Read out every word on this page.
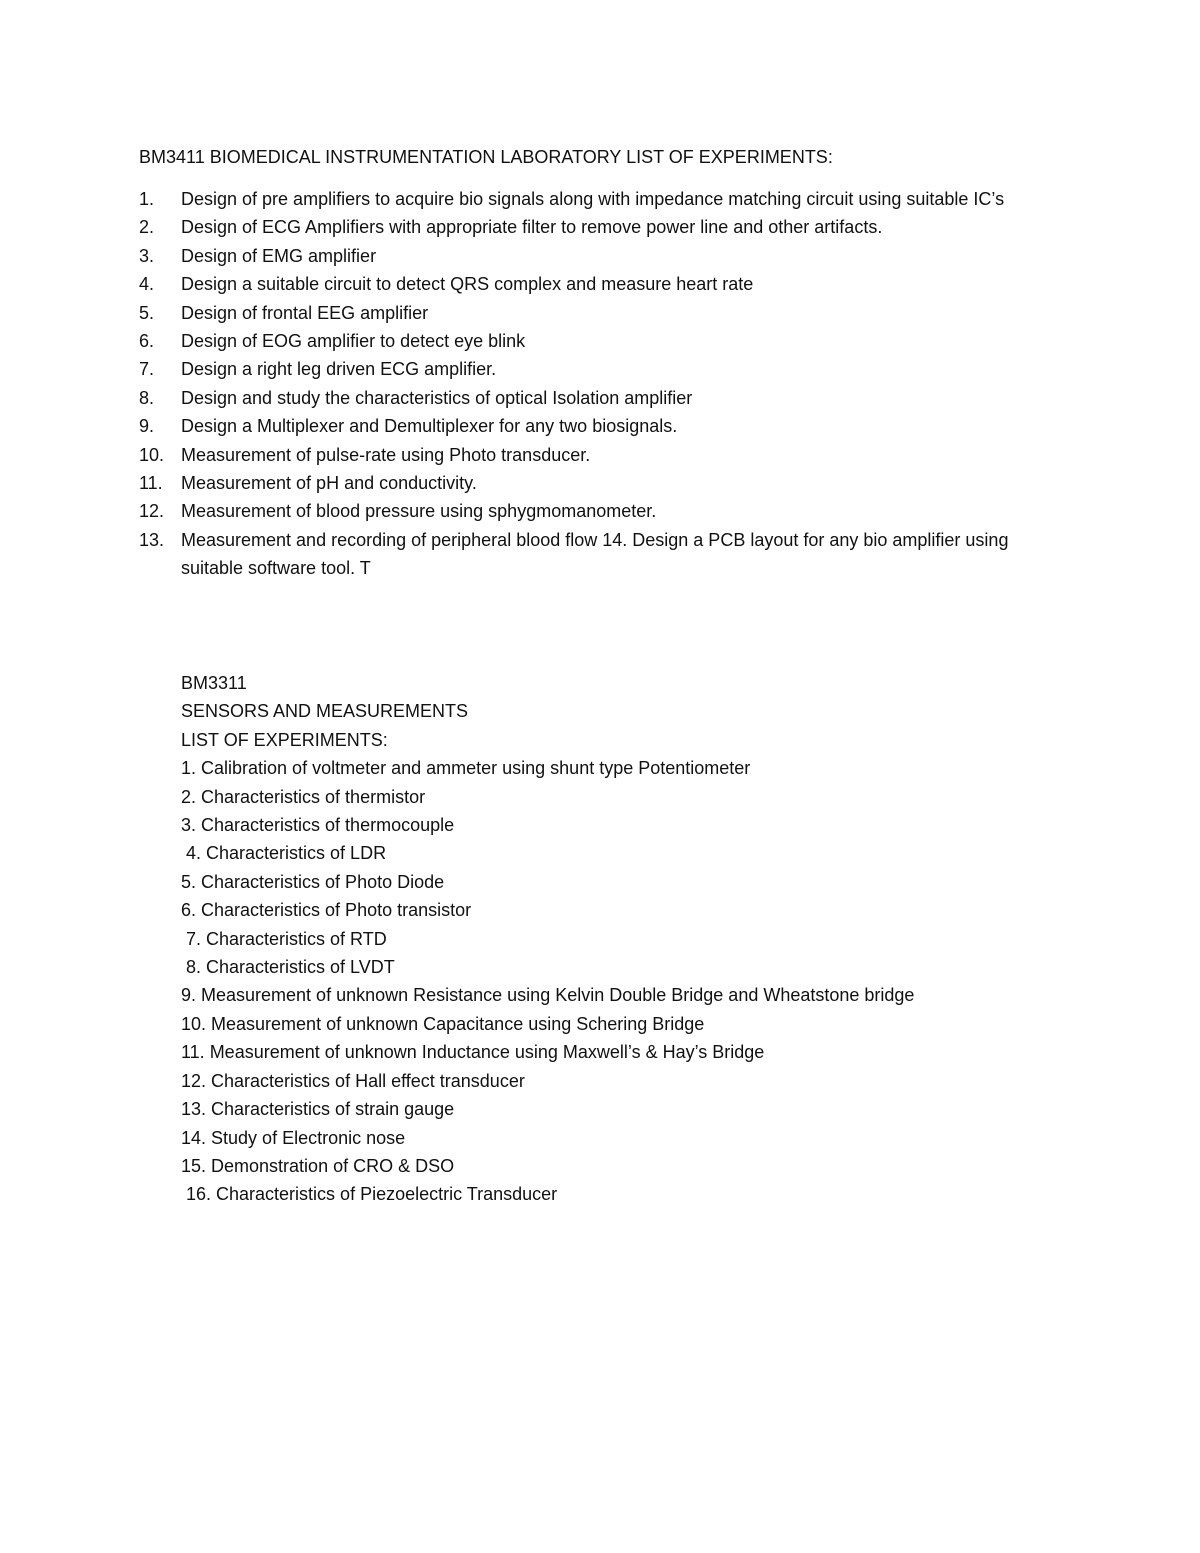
BM3411 BIOMEDICAL INSTRUMENTATION LABORATORY LIST OF EXPERIMENTS:
1.	Design of pre amplifiers to acquire bio signals along with impedance matching circuit using suitable IC’s
2.	Design of ECG Amplifiers with appropriate filter to remove power line and other artifacts.
3.	Design of EMG amplifier
4.	Design a suitable circuit to detect QRS complex and measure heart rate
5.	Design of frontal EEG amplifier
6.	Design of EOG amplifier to detect eye blink
7.	Design a right leg driven ECG amplifier.
8.	Design and study the characteristics of optical Isolation amplifier
9.	Design a Multiplexer and Demultiplexer for any two biosignals.
10. Measurement of pulse-rate using Photo transducer.
11.	Measurement of pH and conductivity.
12. Measurement of blood pressure using sphygmomanometer.
13. Measurement and recording of peripheral blood flow 14. Design a PCB layout for any bio amplifier using suitable software tool. T
BM3311
SENSORS AND MEASUREMENTS
LIST OF EXPERIMENTS:
1. Calibration of voltmeter and ammeter using shunt type Potentiometer
2. Characteristics of thermistor
3. Characteristics of thermocouple
4. Characteristics of LDR
5. Characteristics of Photo Diode
6. Characteristics of Photo transistor
7. Characteristics of RTD
8. Characteristics of LVDT
9. Measurement of unknown Resistance using Kelvin Double Bridge and Wheatstone bridge
10. Measurement of unknown Capacitance using Schering Bridge
11. Measurement of unknown Inductance using Maxwell’s & Hay’s Bridge
12. Characteristics of Hall effect transducer
13. Characteristics of strain gauge
14. Study of Electronic nose
15. Demonstration of CRO & DSO
16. Characteristics of Piezoelectric Transducer
